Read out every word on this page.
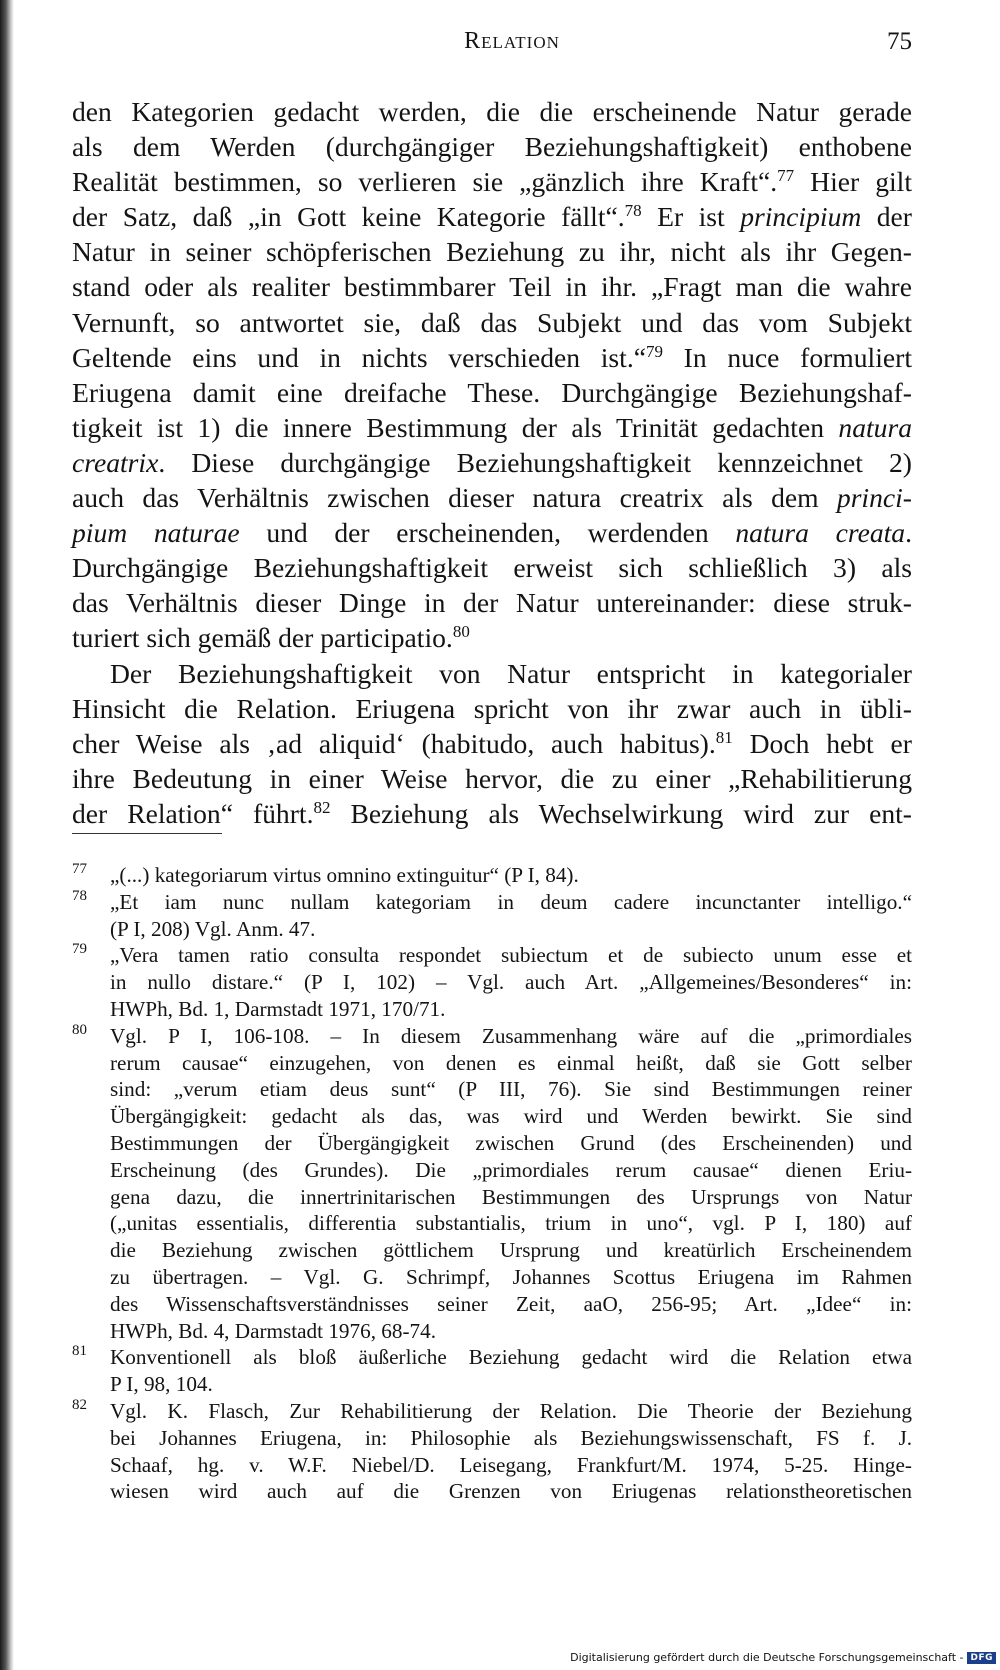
Relation	75
den Kategorien gedacht werden, die die erscheinende Natur gerade
als dem Werden (durchgängiger Beziehungshaftigkeit) enthobene
Realität bestimmen, so verlieren sie „gänzlich ihre Kraft“.$^{77}$ Hier gilt
der Satz, daß „in Gott keine Kategorie fällt“.$^{78}$ Er ist principium der
Natur in seiner schöpferischen Beziehung zu ihr, nicht als ihr Gegen-
stand oder als realiter bestimmbarer Teil in ihr. „Fragt man die wahre
Vernunft, so antwortet sie, daß das Subjekt und das vom Subjekt
Geltende eins und in nichts verschieden ist.“$^{79}$ In nuce formuliert
Eriugena damit eine dreifache These. Durchgängige Beziehungshaf-
tigkeit ist 1) die innere Bestimmung der als Trinität gedachten natura
creatrix. Diese durchgängige Beziehungshaftigkeit kennzeichnet 2)
auch das Verhältnis zwischen dieser natura creatrix als dem princi-
pium naturae und der erscheinenden, werdenden natura creata.
Durchgängige Beziehungshaftigkeit erweist sich schließlich 3) als
das Verhältnis dieser Dinge in der Natur untereinander: diese struk-
turiert sich gemäß der participatio.$^{80}$
Der Beziehungshaftigkeit von Natur entspricht in kategorialer
Hinsicht die Relation. Eriugena spricht von ihr zwar auch in übli-
cher Weise als ‚ad aliquid‘ (habitudo, auch habitus).$^{81}$ Doch hebt er
ihre Bedeutung in einer Weise hervor, die zu einer „Rehabilitierung
der Relation“ führt.$^{82}$ Beziehung als Wechselwirkung wird zur ent-
77 „(...) kategoriarum virtus omnino extinguitur“ (P I, 84).
78 „Et iam nunc nullam kategoriam in deum cadere incunctanter intelligo.“
(P I, 208) Vgl. Anm. 47.
79 „Vera tamen ratio consulta respondet subiectum et de subiecto unum esse et
in nullo distare.“ (P I, 102) – Vgl. auch Art. „Allgemeines/Besonderes“ in:
HWPh, Bd. 1, Darmstadt 1971, 170/71.
80 Vgl. P I, 106-108. – In diesem Zusammenhang wäre auf die „primordiales
rerum causae“ einzugehen, von denen es einmal heißt, daß sie Gott selber
sind: „verum etiam deus sunt“ (P III, 76). Sie sind Bestimmungen reiner
Übergängigkeit: gedacht als das, was wird und Werden bewirkt. Sie sind
Bestimmungen der Übergängigkeit zwischen Grund (des Erscheinenden) und
Erscheinung (des Grundes). Die „primordiales rerum causae“ dienen Eriu-
gena dazu, die innertrinitarischen Bestimmungen des Ursprungs von Natur
(„unitas essentialis, differentia substantialis, trium in uno“, vgl. P I, 180) auf
die Beziehung zwischen göttlichem Ursprung und kreatürlich Erscheinendem
zu übertragen. – Vgl. G. Schrimpf, Johannes Scottus Eriugena im Rahmen
des Wissenschaftsverständnisses seiner Zeit, aaO, 256-95; Art. „Idee“ in:
HWPh, Bd. 4, Darmstadt 1976, 68-74.
81 Konventionell als bloß äußerliche Beziehung gedacht wird die Relation etwa
P I, 98, 104.
82 Vgl. K. Flasch, Zur Rehabilitierung der Relation. Die Theorie der Beziehung
bei Johannes Eriugena, in: Philosophie als Beziehungswissenschaft, FS f. J.
Schaaf, hg. v. W.F. Niebel/D. Leisegang, Frankfurt/M. 1974, 5-25. Hinge-
wiesen wird auch auf die Grenzen von Eriugenas relationstheoretischen
Digitalisierung gefördert durch die Deutsche Forschungsgemeinschaft - DFG
